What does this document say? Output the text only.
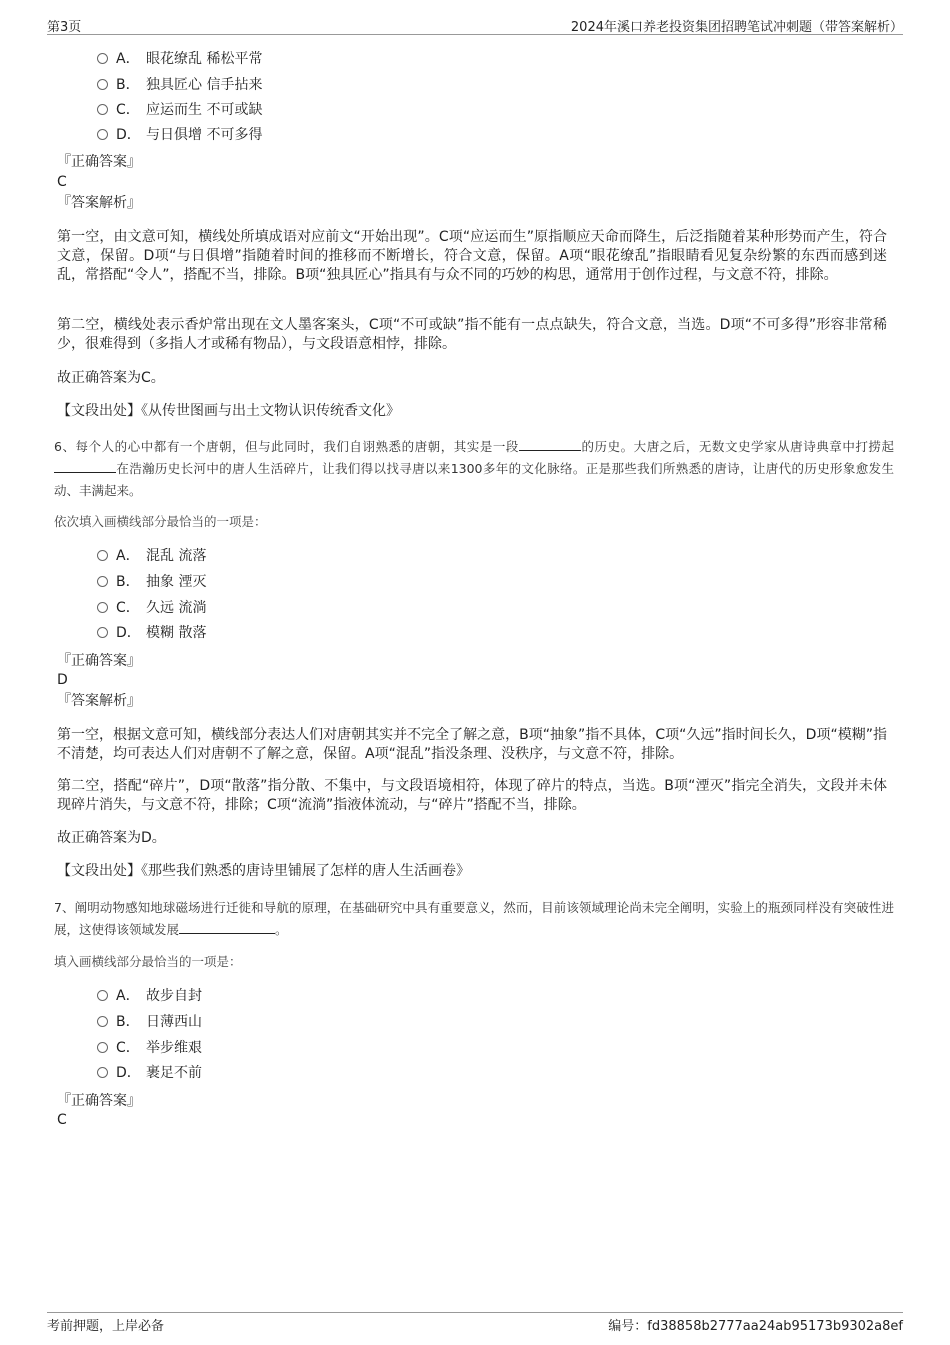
第3页	2024年溪口养老投资集团招聘笔试冲刺题（带答案解析）
A． 眼花缭乱 稀松平常
B． 独具匠心 信手拈来
C． 应运而生 不可或缺
D． 与日俱增 不可多得
『正确答案』
C
『答案解析』
第一空，由文意可知，横线处所填成语对应前文“开始出现”。C项“应运而生”原指顺应天命而降生，后泛指随着某种形势而产生，符合文意，保留。D项“与日俱增”指随着时间的推移而不断增长，符合文意，保留。A项“眼花缭乱”指眼睛看见复杂纷繁的东西而感到迷乱，常搭配“令人”，搭配不当，排除。B项“独具匠心”指具有与众不同的巧妙的构思，通常用于创作过程，与文意不符，排除。
第二空，横线处表示香炉常出现在文人墨客案头，C项“不可或缺”指不能有一点点缺失，符合文意，当选。D项“不可多得”形容非常稀少，很难得到（多指人才或稀有物品），与文段语意相悖，排除。
故正确答案为C。
【文段出处】《从传世图画与出土文物认识传统香文化》
6、每个人的心中都有一个唐朝，但与此同时，我们自诩熟悉的唐朝，其实是一段	的历史。大唐之后，无数文史学家从唐诗典章中打捞起在浩瀚历史长河中的唐人生活碎片，让我们得以找寻唐以来1300多年的文化脉络。正是那些我们所熟悉的唐诗，让唐代的历史形象愈发生动、丰满起来。
依次填入画横线部分最恰当的一项是：
A． 混乱 流落
B． 抽象 湮灭
C． 久远 流淌
D． 模糊 散落
『正确答案』
D
『答案解析』
第一空，根据文意可知，横线部分表达人们对唐朝其实并不完全了解之意，B项“抽象”指不具体，C项“久远”指时间长久，D项“模糊”指不清楚，均可表达人们对唐朝不了解之意，保留。A项“混乱”指没条理、没秩序，与文意不符，排除。
第二空，搭配“碎片”，D项“散落”指分散、不集中，与文段语境相符，体现了碎片的特点，当选。B项“湮灭”指完全消失，文段并未体现碎片消失，与文意不符，排除；C项“流淌”指液体流动，与“碎片”搭配不当，排除。
故正确答案为D。
【文段出处】《那些我们熟悉的唐诗里铺展了怎样的唐人生活画卷》
7、阐明动物感知地球磁场进行迁徙和导航的原理，在基础研究中具有重要意义，然而，目前该领域理论尚未完全阐明，实验上的瓶颈同样没有突破性进展，这使得该领域发展	。
填入画横线部分最恰当的一项是：
A． 故步自封
B． 日薄西山
C． 举步维艰
D． 裹足不前
『正确答案』
C
考前押题，上岸必备	编号：fd38858b2777aa24ab95173b9302a8ef
